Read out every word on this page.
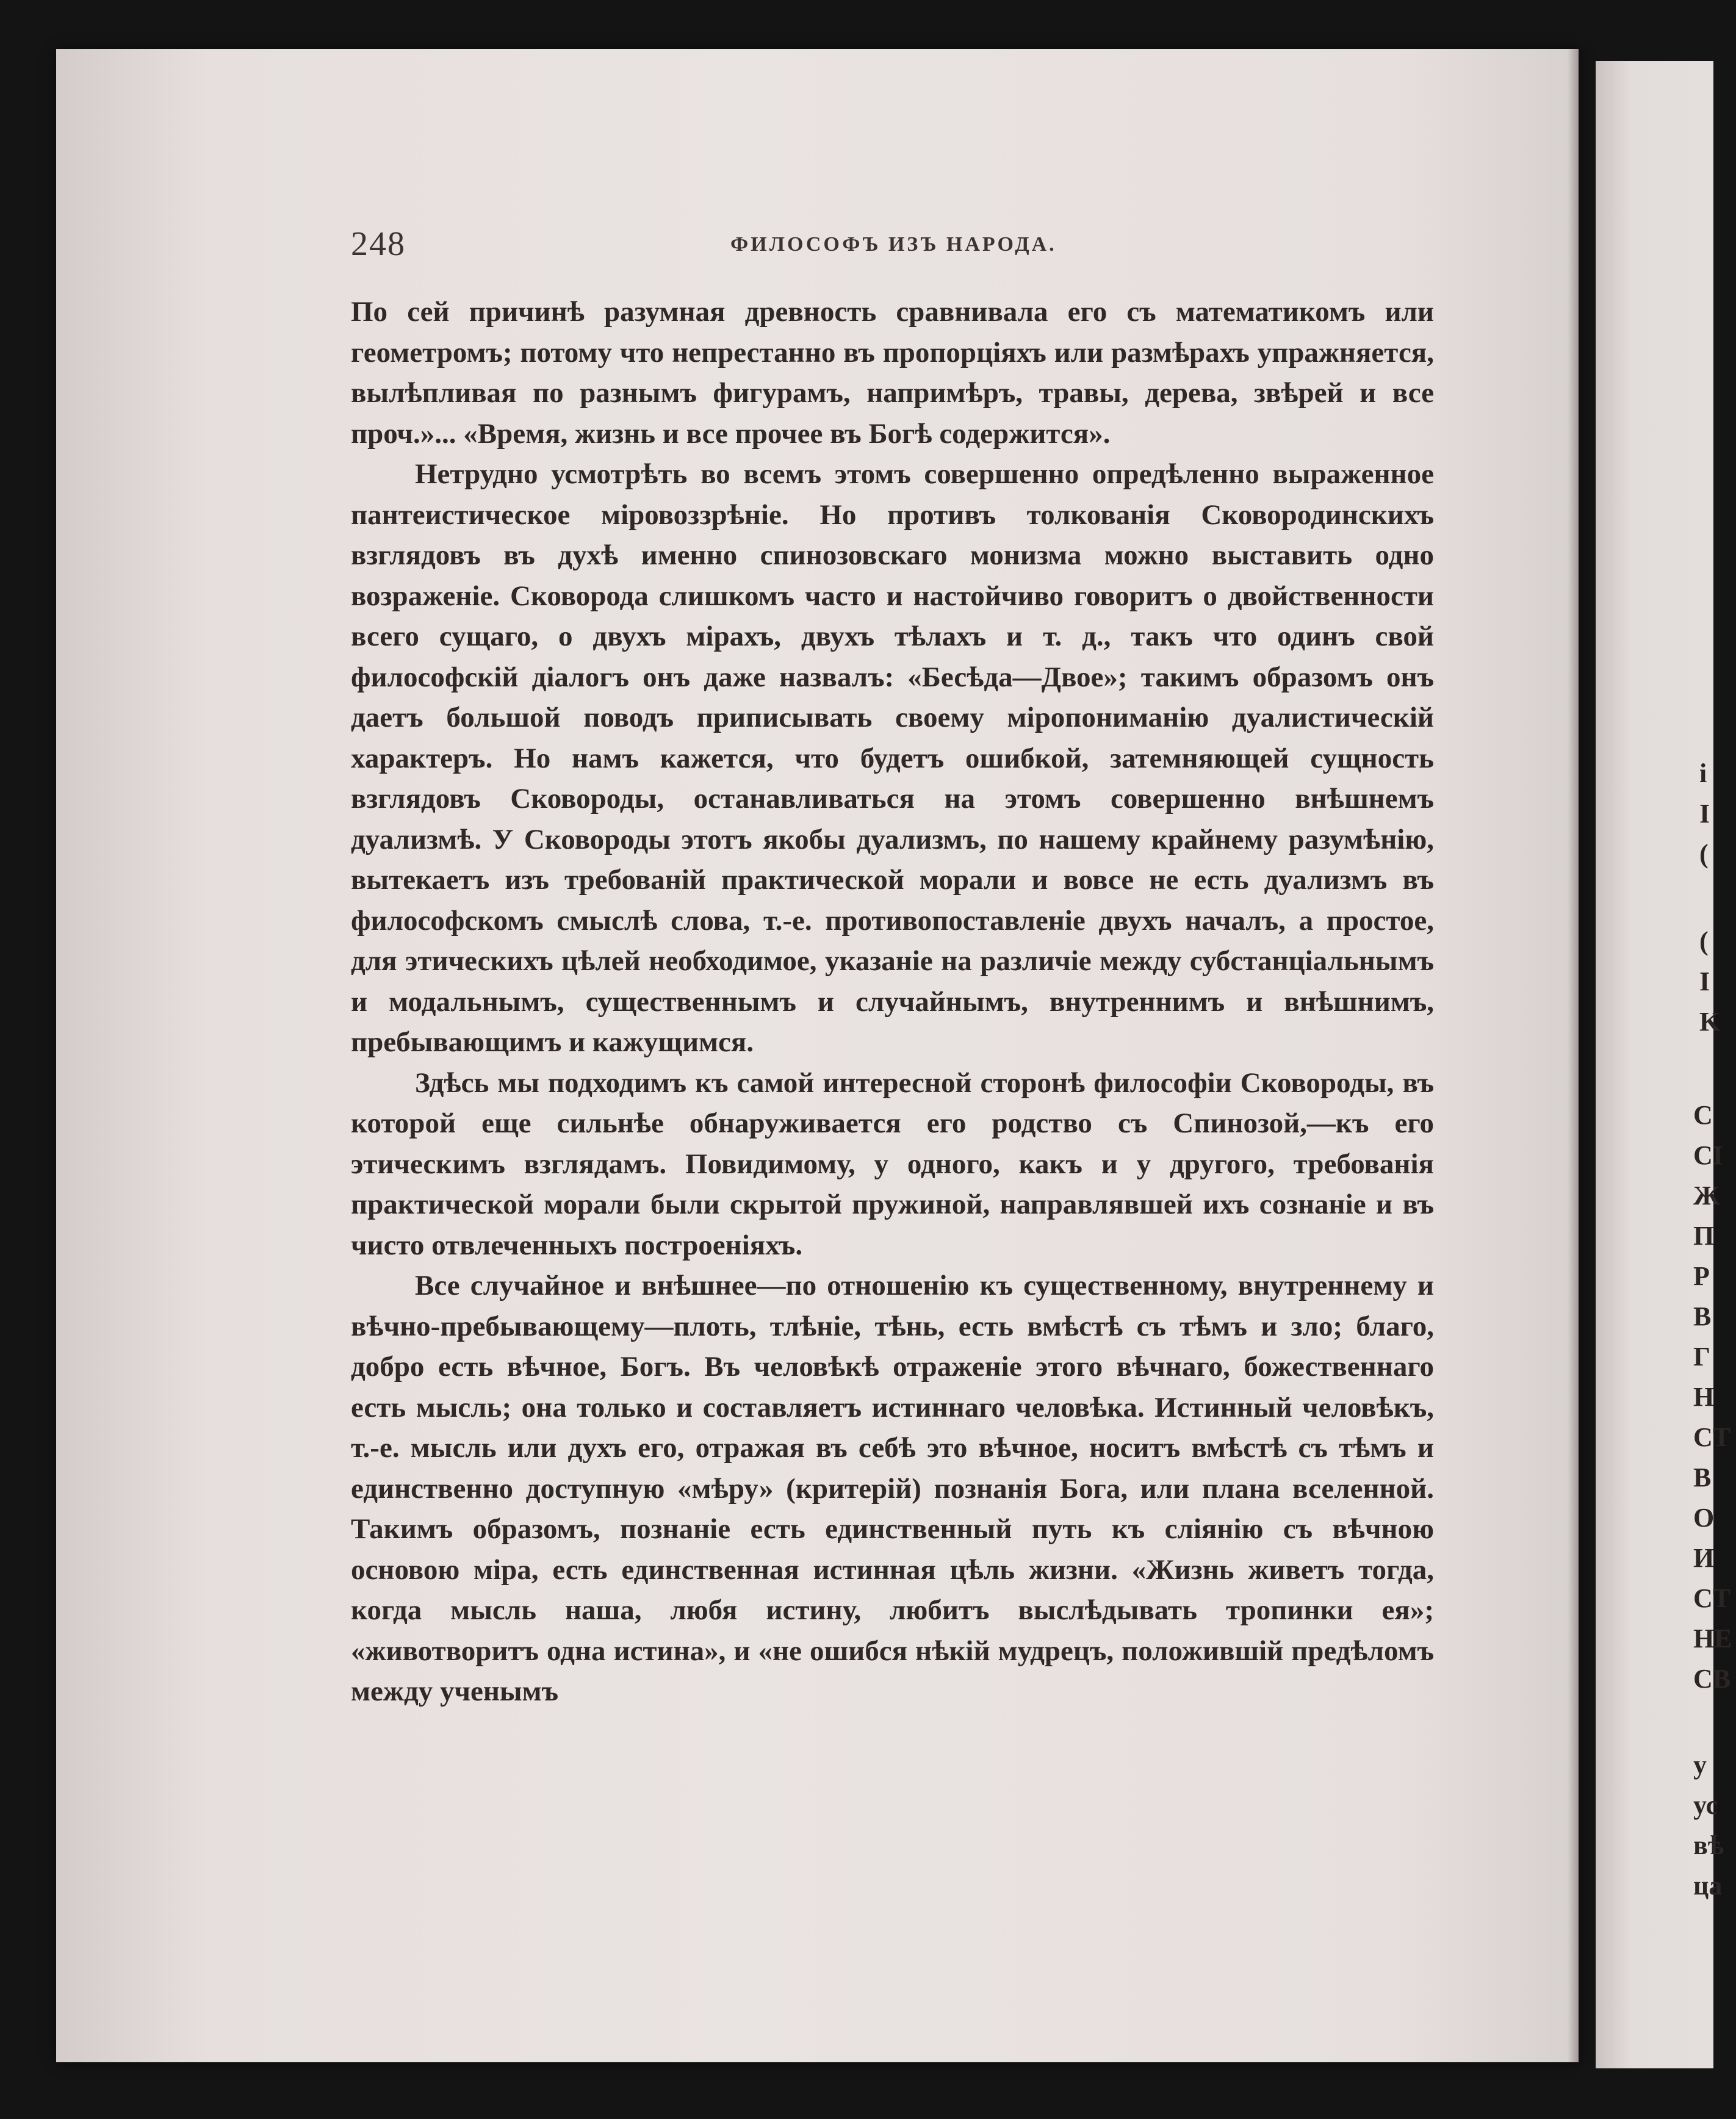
248	ФИЛОСОФЪ ИЗЪ НАРОДА.

По сей причинѣ разумная древность сравнивала его съ математикомъ или геометромъ; потому что непрестанно въ пропорціяхъ или размѣрахъ упражняется, вылѣпливая по разнымъ фигурамъ, напримѣръ, травы, дерева, звѣрей и все проч.»... «Время, жизнь и все прочее въ Богѣ содержится».

Нетрудно усмотрѣть во всемъ этомъ совершенно опредѣленно выраженное пантеистическое міровоззрѣніе. Но противъ толкованія Сковородинскихъ взглядовъ въ духѣ именно спинозовскаго монизма можно выставить одно возраженіе. Сковорода слишкомъ часто и настойчиво говоритъ о двойственности всего сущаго, о двухъ мірахъ, двухъ тѣлахъ и т. д., такъ что одинъ свой философскій діалогъ онъ даже назвалъ: «Бесѣда—Двое»; такимъ образомъ онъ даетъ большой поводъ приписывать своему міропониманію дуалистическій характеръ. Но намъ кажется, что будетъ ошибкой, затемняющей сущность взглядовъ Сковороды, останавливаться на этомъ совершенно внѣшнемъ дуализмѣ. У Сковороды этотъ якобы дуализмъ, по нашему крайнему разумѣнію, вытекаетъ изъ требованій практической морали и вовсе не есть дуализмъ въ философскомъ смыслѣ слова, т.-е. противопоставленіе двухъ началъ, а простое, для этическихъ цѣлей необходимое, указаніе на различіе между субстанціальнымъ и модальнымъ, существеннымъ и случайнымъ, внутреннимъ и внѣшнимъ, пребывающимъ и кажущимся.

Здѣсь мы подходимъ къ самой интересной сторонѣ философіи Сковороды, въ которой еще сильнѣе обнаруживается его родство съ Спинозой,—къ его этическимъ взглядамъ. Повидимому, у одного, какъ и у другого, требованія практической морали были скрытой пружиной, направлявшей ихъ сознаніе и въ чисто отвлеченныхъ построеніяхъ.

Все случайное и внѣшнее—по отношенію къ существенному, внутреннему и вѣчно-пребывающему—плоть, тлѣніе, тѣнь, есть вмѣстѣ съ тѣмъ и зло; благо, добро есть вѣчное, Богъ. Въ человѣкѣ отраженіе этого вѣчнаго, божественнаго есть мысль; она только и составляетъ истиннаго человѣка. Истинный человѣкъ, т.-е. мысль или духъ его, отражая въ себѣ это вѣчное, носитъ вмѣстѣ съ тѣмъ и единственно доступную «мѣру» (критерій) познанія Бога, или плана вселенной. Такимъ образомъ, познаніе есть единственный путь къ сліянію съ вѣчною основою міра, есть единственная истинная цѣль жизни. «Жизнь живетъ тогда, когда мысль наша, любя истину, любитъ выслѣдывать тропинки ея»; «животворитъ одна истина», и «не ошибся нѣкій мудрецъ, положившій предѣломъ между ученымъ

і
I
(
(
I
K
C
CI
Ж
П
P
B
Г
H
CT
B
O
И
CT
HE
CB
у
ус
вѣ
ца
